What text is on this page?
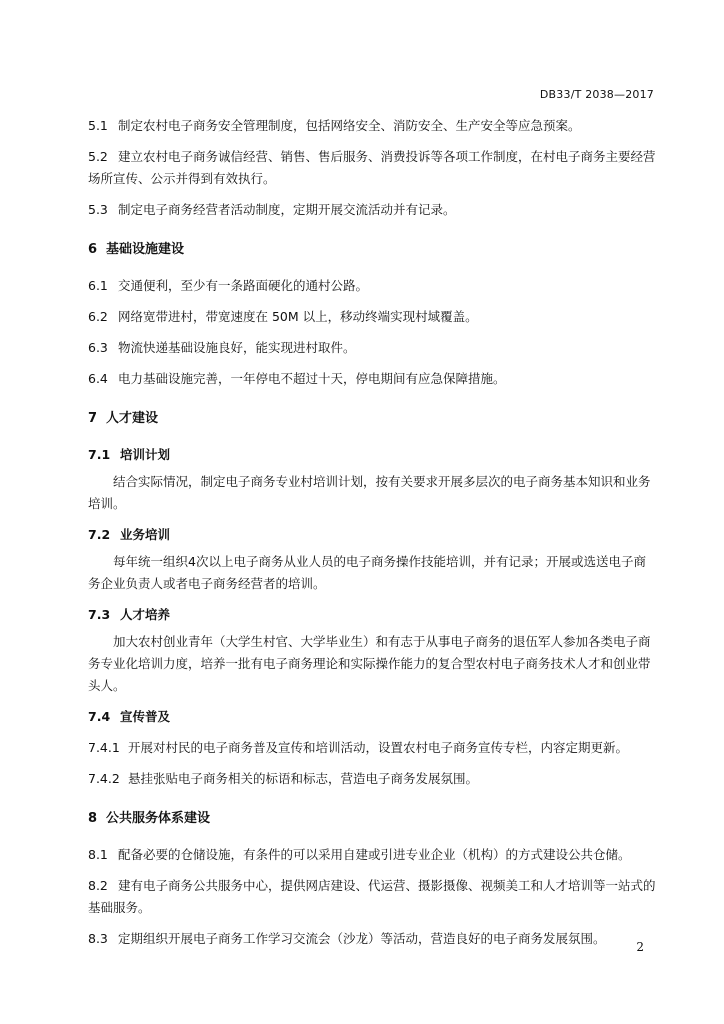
DB33/T 2038—2017

5.1 制定农村电子商务安全管理制度，包括网络安全、消防安全、生产安全等应急预案。

5.2 建立农村电子商务诚信经营、销售、售后服务、消费投诉等各项工作制度，在村电子商务主要经营场所宣传、公示并得到有效执行。

5.3 制定电子商务经营者活动制度，定期开展交流活动并有记录。

6 基础设施建设

6.1 交通便利，至少有一条路面硬化的通村公路。

6.2 网络宽带进村，带宽速度在 50M 以上，移动终端实现村域覆盖。

6.3 物流快递基础设施良好，能实现进村取件。

6.4 电力基础设施完善，一年停电不超过十天，停电期间有应急保障措施。

7 人才建设

7.1 培训计划

结合实际情况，制定电子商务专业村培训计划，按有关要求开展多层次的电子商务基本知识和业务培训。

7.2 业务培训

每年统一组织4次以上电子商务从业人员的电子商务操作技能培训，并有记录；开展或选送电子商务企业负责人或者电子商务经营者的培训。

7.3 人才培养

加大农村创业青年（大学生村官、大学毕业生）和有志于从事电子商务的退伍军人参加各类电子商务专业化培训力度，培养一批有电子商务理论和实际操作能力的复合型农村电子商务技术人才和创业带头人。

7.4 宣传普及

7.4.1 开展对村民的电子商务普及宣传和培训活动，设置农村电子商务宣传专栏，内容定期更新。

7.4.2 悬挂张贴电子商务相关的标语和标志，营造电子商务发展氛围。

8 公共服务体系建设

8.1 配备必要的仓储设施，有条件的可以采用自建或引进专业企业（机构）的方式建设公共仓储。

8.2 建有电子商务公共服务中心，提供网店建设、代运营、摄影摄像、视频美工和人才培训等一站式的基础服务。

8.3 定期组织开展电子商务工作学习交流会（沙龙）等活动，营造良好的电子商务发展氛围。

2
